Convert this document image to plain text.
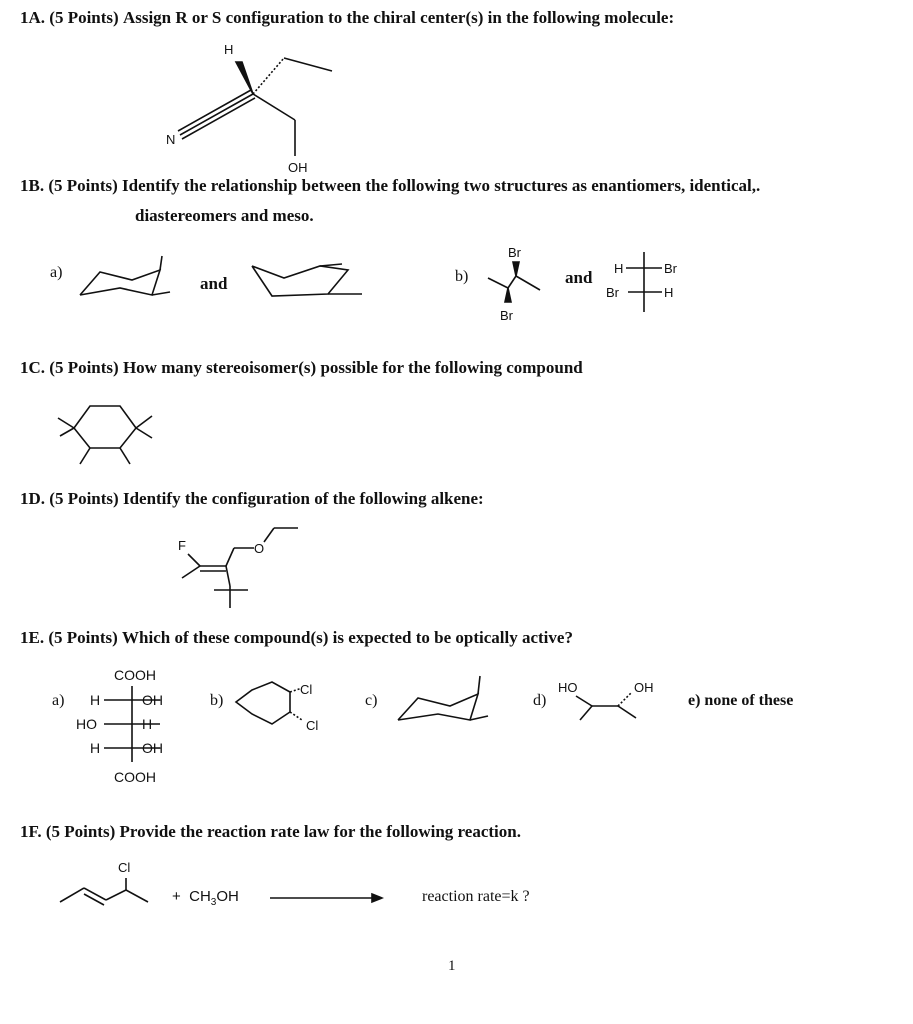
1A. (5 Points) Assign R or S configuration to the chiral center(s) in the following molecule:
H
N
OH
1B. (5 Points) Identify the relationship between the following two structures as enantiomers, identical,.
diastereomers and meso.
a)
and	b)
Br
Br
and H	Br
Br	H
1C. (5 Points) How many stereoisomer(s) possible for the following compound
1D. (5 Points) Identify the configuration of the following alkene:
F	O
1E. (5 Points) Which of these compound(s) is expected to be optically active?
a)
COOH
H	OH
HO	H
H	OH
COOH
b)
Cl
Cl
c)	d)
HO	OH
e) none of these
1F. (5 Points) Provide the reaction rate law for the following reaction.
Cl
+ $CH_3OH$	reaction rate=k ?
1
